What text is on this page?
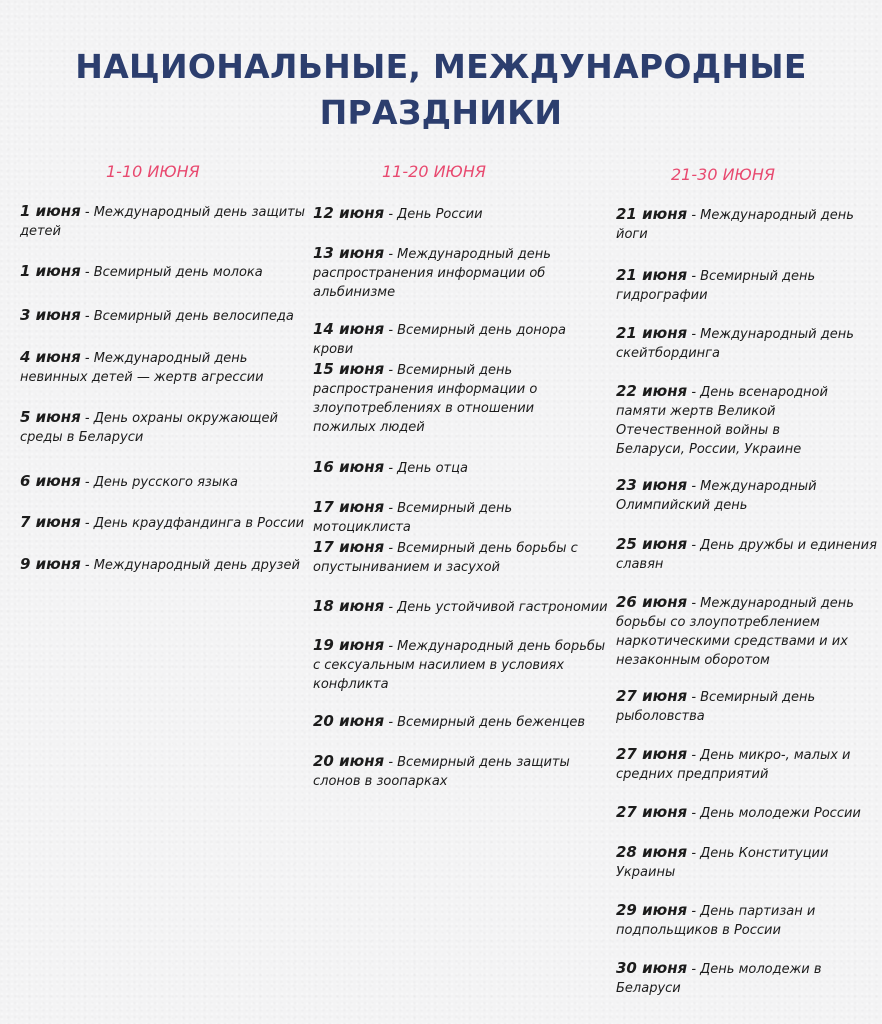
НАЦИОНАЛЬНЫЕ, МЕЖДУНАРОДНЫЕ
ПРАЗДНИКИ
1-10 ИЮНЯ
1 июня - Международный день защиты детей
1 июня - Всемирный день молока
3 июня - Всемирный день велосипеда
4 июня - Международный день невинных детей — жертв агрессии
5 июня - День охраны окружающей среды в Беларуси
6 июня - День русского языка
7 июня - День краудфандинга в России
9 июня - Международный день друзей
11-20 ИЮНЯ
12 июня - День России
13 июня - Международный день распространения информации об альбинизме
14 июня - Всемирный день донора крови
15 июня - Всемирный день распространения информации о злоупотреблениях в отношении пожилых людей
16 июня - День отца
17 июня - Всемирный день мотоциклиста
17 июня - Всемирный день борьбы с опустыниванием и засухой
18 июня - День устойчивой гастрономии
19 июня - Международный день борьбы с сексуальным насилием в условиях конфликта
20 июня - Всемирный день беженцев
20 июня - Всемирный день защиты слонов в зоопарках
21-30 ИЮНЯ
21 июня - Международный день йоги
21 июня - Всемирный день гидрографии
21 июня - Международный день скейтбординга
22 июня - День всенародной памяти жертв Великой Отечественной войны в Беларуси, России, Украине
23 июня - Международный Олимпийский день
25 июня - День дружбы и единения славян
26 июня - Международный день борьбы со злоупотреблением наркотическими средствами и их незаконным оборотом
27 июня - Всемирный день рыболовства
27 июня - День микро-, малых и средних предприятий
27 июня - День молодежи России
28 июня - День Конституции Украины
29 июня - День партизан и подпольщиков в России
30 июня - День молодежи в Беларуси
